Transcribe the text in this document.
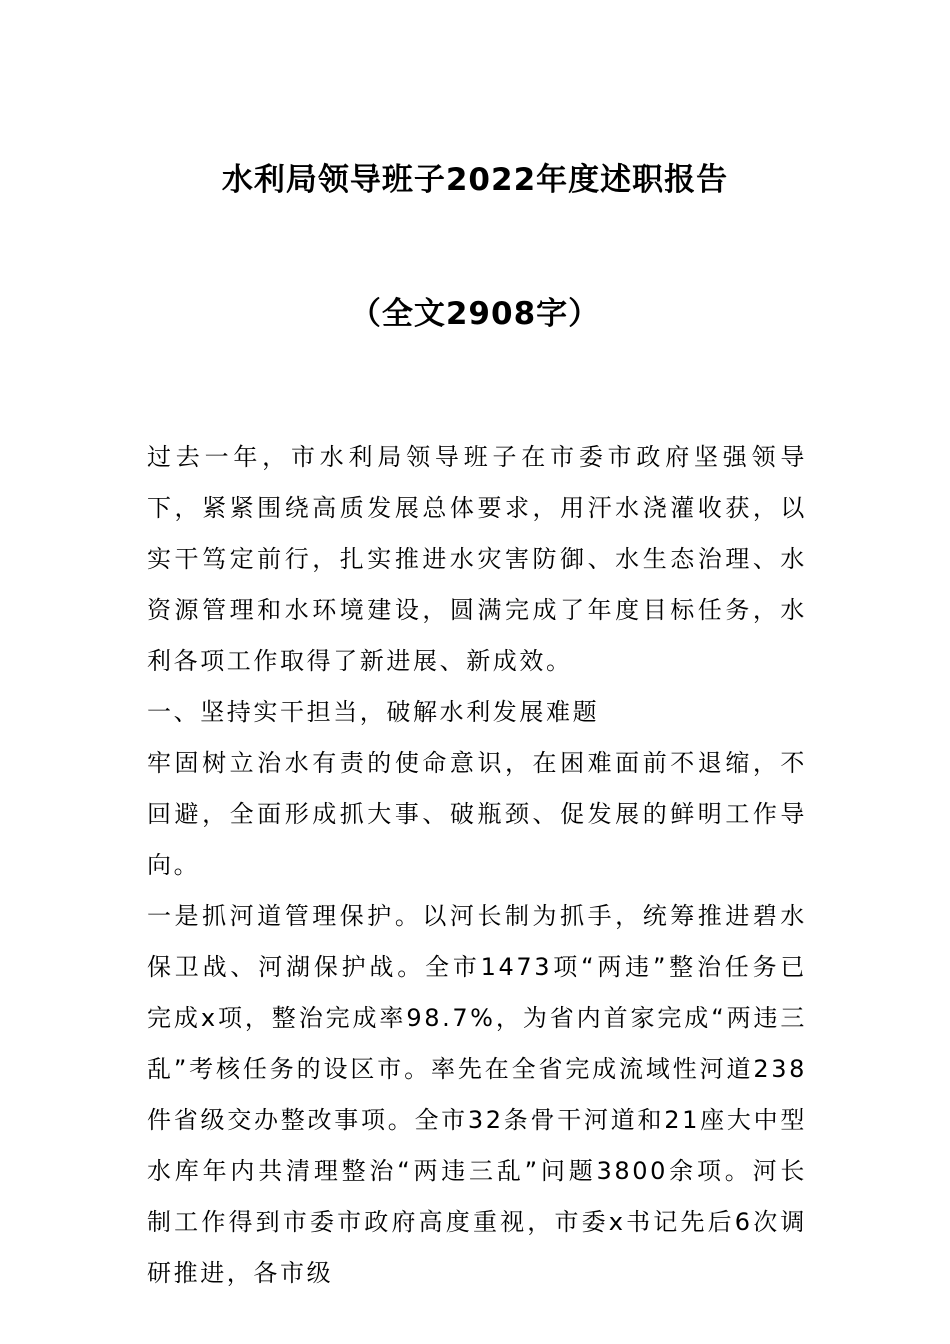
水利局领导班子2022年度述职报告
（全文2908字）

过去一年，市水利局领导班子在市委市政府坚强领导下，紧紧围绕高质发展总体要求，用汗水浇灌收获，以实干笃定前行，扎实推进水灾害防御、水生态治理、水资源管理和水环境建设，圆满完成了年度目标任务，水利各项工作取得了新进展、新成效。

一、坚持实干担当，破解水利发展难题

牢固树立治水有责的使命意识，在困难面前不退缩，不回避，全面形成抓大事、破瓶颈、促发展的鲜明工作导向。

一是抓河道管理保护。以河长制为抓手，统筹推进碧水保卫战、河湖保护战。全市1473项“两违”整治任务已完成x项，整治完成率98.7%，为省内首家完成“两违三乱”考核任务的设区市。率先在全省完成流域性河道238件省级交办整改事项。全市32条骨干河道和21座大中型水库年内共清理整治“两违三乱”问题3800余项。河长制工作得到市委市政府高度重视，市委x书记先后6次调研推进，各市级
